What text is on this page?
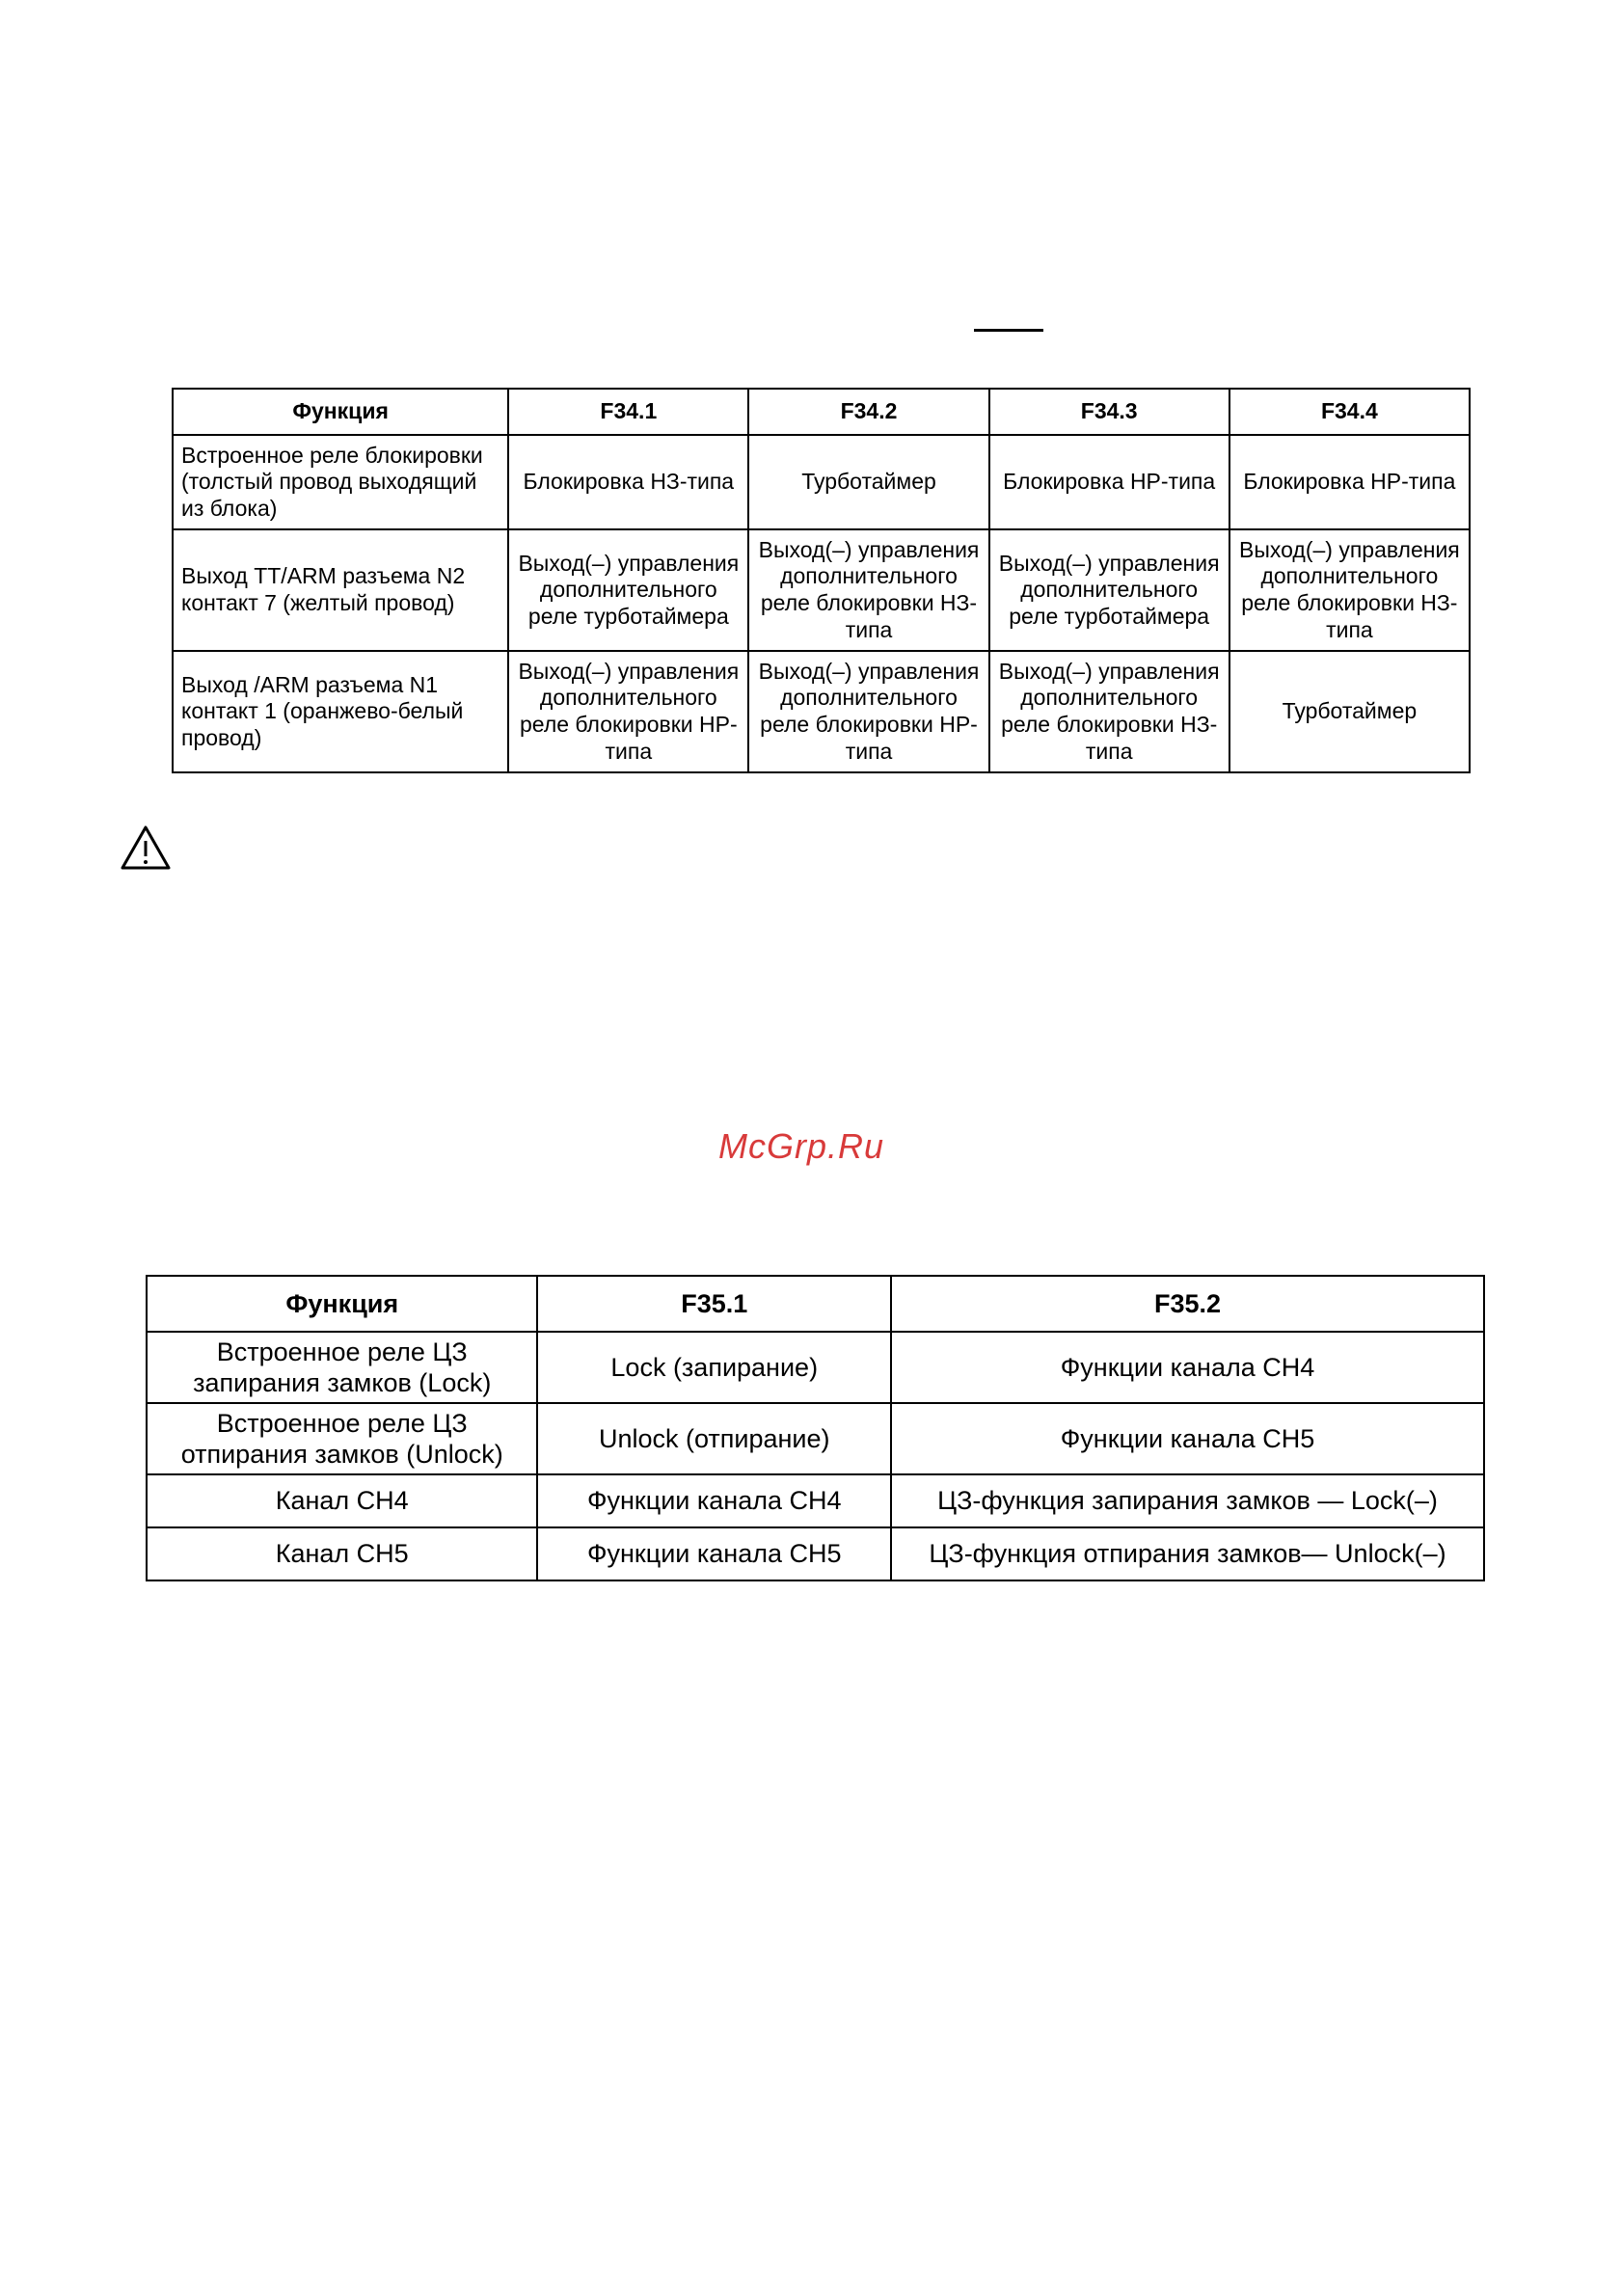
Функция	F34.1	F34.2	F34.3	F34.4
Встроенное реле блокировки (толстый провод выходящий из блока)	Блокировка НЗ-типа	Турботаймер	Блокировка НР-типа	Блокировка НР-типа
Выход TT/ARM разъема N2 контакт 7 (желтый провод)	Выход(–) управления дополнительного реле турботаймера	Выход(–) управления дополнительного реле блокировки НЗ-типа	Выход(–) управления дополнительного реле турботаймера	Выход(–) управления дополнительного реле блокировки НЗ-типа
Выход /ARM разъема N1 контакт 1 (оранжево-белый провод)	Выход(–) управления дополнительного реле блокировки НР-типа	Выход(–) управления дополнительного реле блокировки НР-типа	Выход(–) управления дополнительного реле блокировки НЗ-типа	Турботаймер
McGrp.Ru
Функция	F35.1	F35.2
Встроенное реле ЦЗ запирания замков (Lock)	Lock (запирание)	Функции канала CH4
Встроенное реле ЦЗ отпирания замков (Unlock)	Unlock (отпирание)	Функции канала CH5
Канал CH4	Функции канала CH4	ЦЗ-функция запирания замков — Lock(–)
Канал CH5	Функции канала CH5	ЦЗ-функция отпирания замков— Unlock(–)
